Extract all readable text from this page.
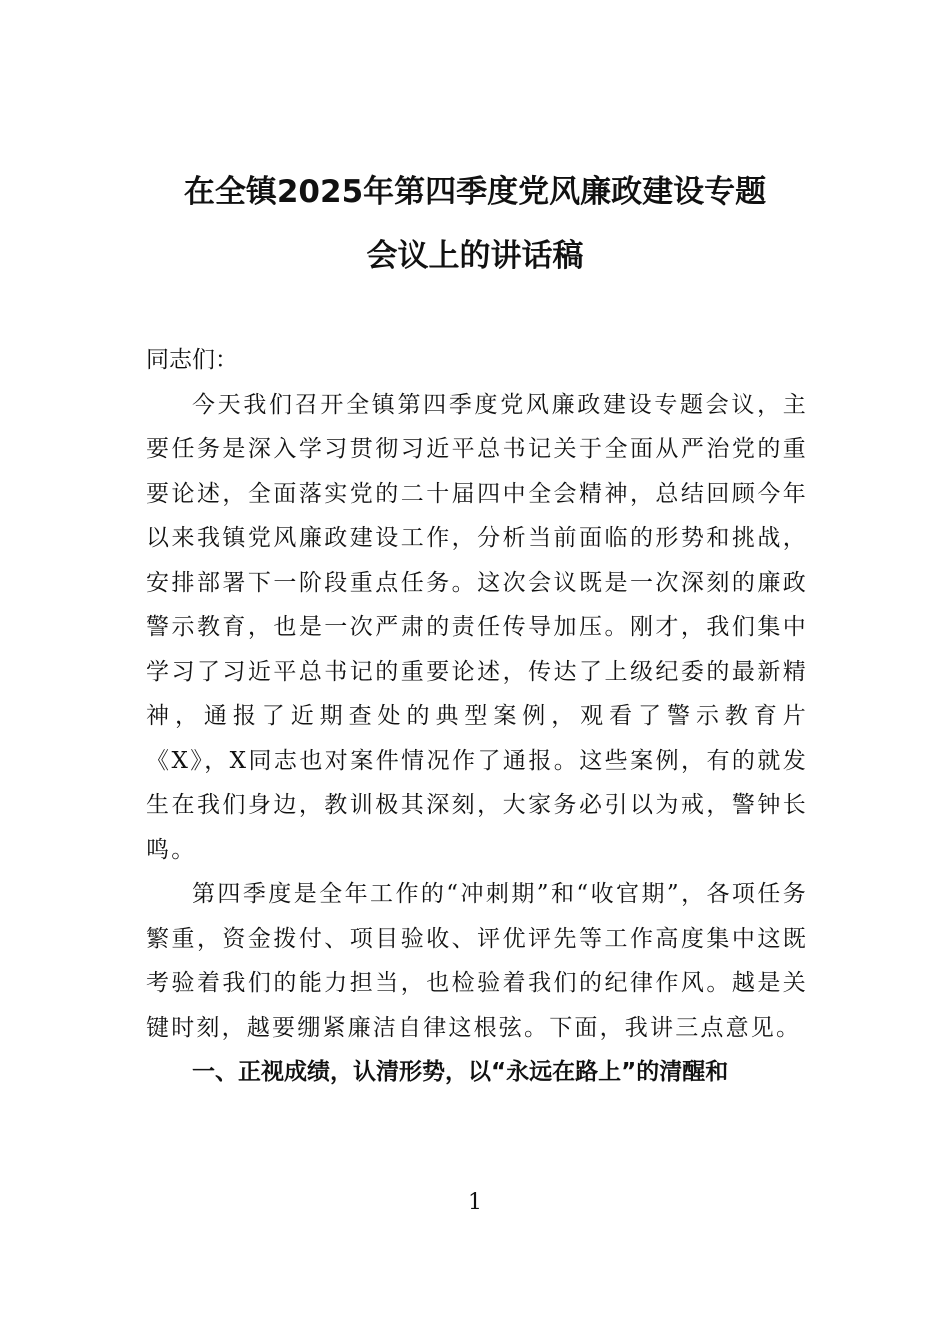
在全镇2025年第四季度党风廉政建设专题
会议上的讲话稿

同志们：

今天我们召开全镇第四季度党风廉政建设专题会议，主要任务是深入学习贯彻习近平总书记关于全面从严治党的重要论述，全面落实党的二十届四中全会精神，总结回顾今年以来我镇党风廉政建设工作，分析当前面临的形势和挑战，安排部署下一阶段重点任务。这次会议既是一次深刻的廉政警示教育，也是一次严肃的责任传导加压。刚才，我们集中学习了习近平总书记的重要论述，传达了上级纪委的最新精神，通报了近期查处的典型案例，观看了警示教育片《X》，X同志也对案件情况作了通报。这些案例，有的就发生在我们身边，教训极其深刻，大家务必引以为戒，警钟长鸣。

第四季度是全年工作的“冲刺期”和“收官期”，各项任务繁重，资金拨付、项目验收、评优评先等工作高度集中这既考验着我们的能力担当，也检验着我们的纪律作风。越是关键时刻，越要绷紧廉洁自律这根弦。下面，我讲三点意见。

一、正视成绩，认清形势，以“永远在路上”的清醒和

1
